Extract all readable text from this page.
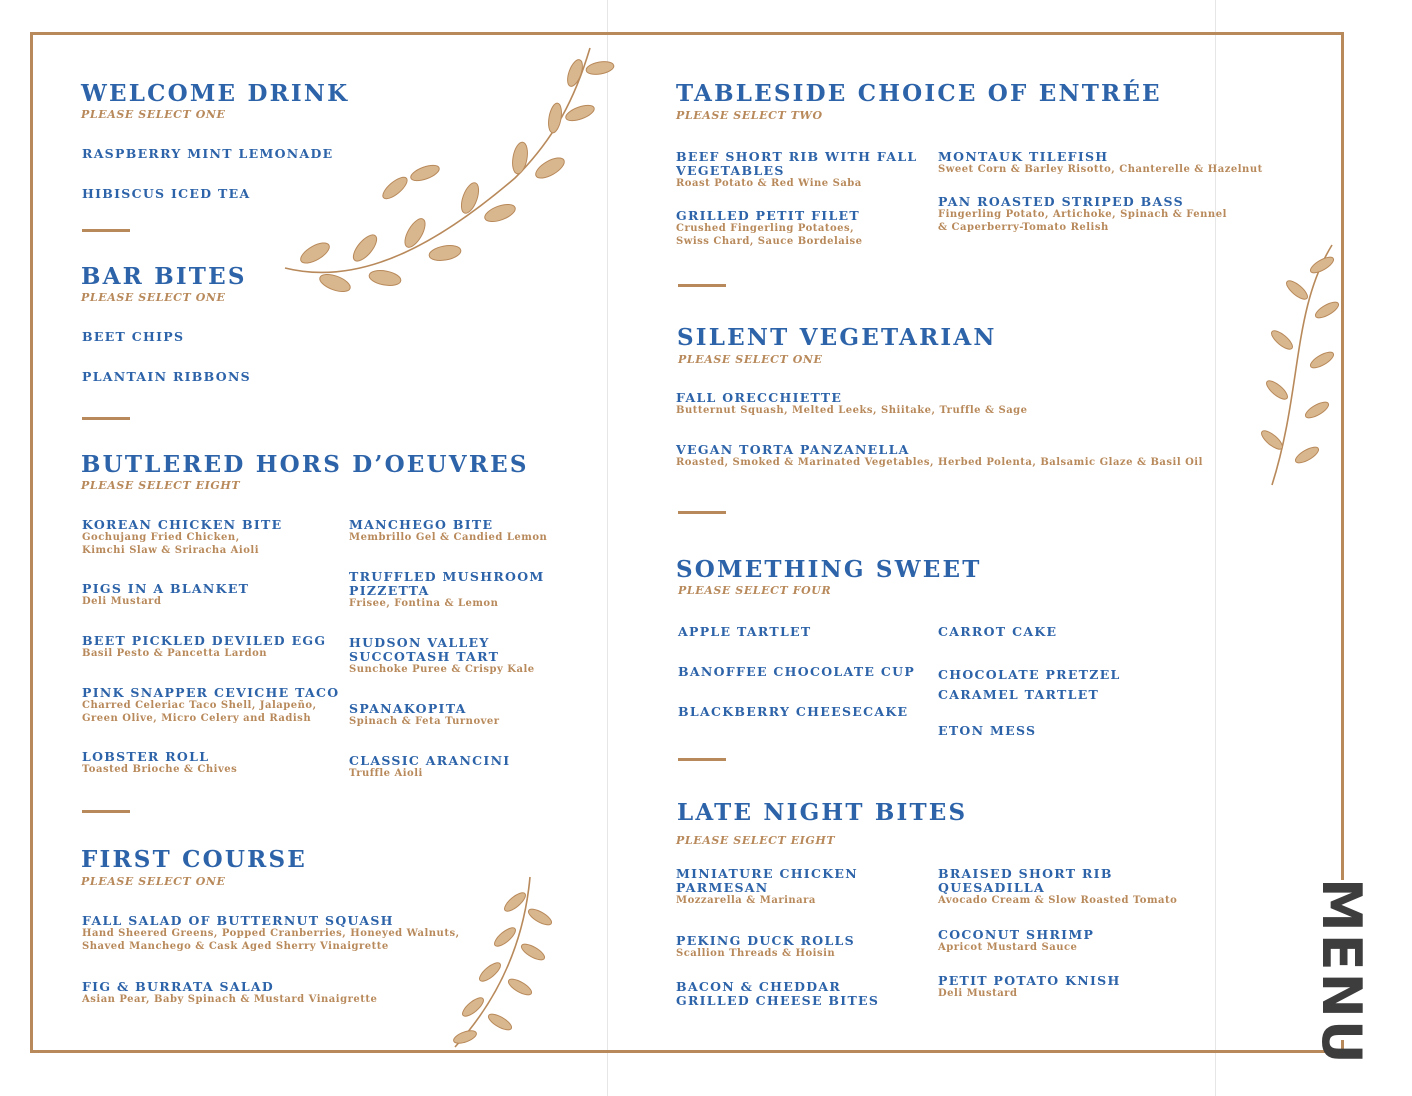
MENU
WELCOME DRINK
PLEASE SELECT ONE
RASPBERRY MINT LEMONADE
HIBISCUS ICED TEA
BAR BITES
PLEASE SELECT ONE
BEET CHIPS
PLANTAIN RIBBONS
BUTLERED HORS D’OEUVRES
PLEASE SELECT EIGHT
KOREAN CHICKEN BITE
Gochujang Fried Chicken,
Kimchi Slaw & Sriracha Aioli
PIGS IN A BLANKET
Deli Mustard
BEET PICKLED DEVILED EGG
Basil Pesto & Pancetta Lardon
PINK SNAPPER CEVICHE TACO
Charred Celeriac Taco Shell, Jalapeño,
Green Olive, Micro Celery and Radish
LOBSTER ROLL
Toasted Brioche & Chives
MANCHEGO BITE
Membrillo Gel & Candied Lemon
TRUFFLED MUSHROOM
PIZZETTA
Frisee, Fontina & Lemon
HUDSON VALLEY
SUCCOTASH TART
Sunchoke Puree & Crispy Kale
SPANAKOPITA
Spinach & Feta Turnover
CLASSIC ARANCINI
Truffle Aioli
FIRST COURSE
PLEASE SELECT ONE
FALL SALAD OF BUTTERNUT SQUASH
Hand Sheered Greens, Popped Cranberries, Honeyed Walnuts,
Shaved Manchego & Cask Aged Sherry Vinaigrette
FIG & BURRATA SALAD
Asian Pear, Baby Spinach & Mustard Vinaigrette
TABLESIDE CHOICE OF ENTRÉE
PLEASE SELECT TWO
BEEF SHORT RIB WITH FALL
VEGETABLES
Roast Potato & Red Wine Saba
GRILLED PETIT FILET
Crushed Fingerling Potatoes,
Swiss Chard, Sauce Bordelaise
MONTAUK TILEFISH
Sweet Corn & Barley Risotto, Chanterelle & Hazelnut
PAN ROASTED STRIPED BASS
Fingerling Potato, Artichoke, Spinach & Fennel
& Caperberry-Tomato Relish
SILENT VEGETARIAN
PLEASE SELECT ONE
FALL ORECCHIETTE
Butternut Squash, Melted Leeks, Shiitake, Truffle & Sage
VEGAN TORTA PANZANELLA
Roasted, Smoked & Marinated Vegetables, Herbed Polenta, Balsamic Glaze & Basil Oil
SOMETHING SWEET
PLEASE SELECT FOUR
APPLE TARTLET
BANOFFEE CHOCOLATE CUP
BLACKBERRY CHEESECAKE
CARROT CAKE
CHOCOLATE PRETZEL
CARAMEL TARTLET
ETON MESS
LATE NIGHT BITES
PLEASE SELECT EIGHT
MINIATURE CHICKEN
PARMESAN
Mozzarella & Marinara
PEKING DUCK ROLLS
Scallion Threads & Hoisin
BACON & CHEDDAR
GRILLED CHEESE BITES
BRAISED SHORT RIB
QUESADILLA
Avocado Cream & Slow Roasted Tomato
COCONUT SHRIMP
Apricot Mustard Sauce
PETIT POTATO KNISH
Deli Mustard
